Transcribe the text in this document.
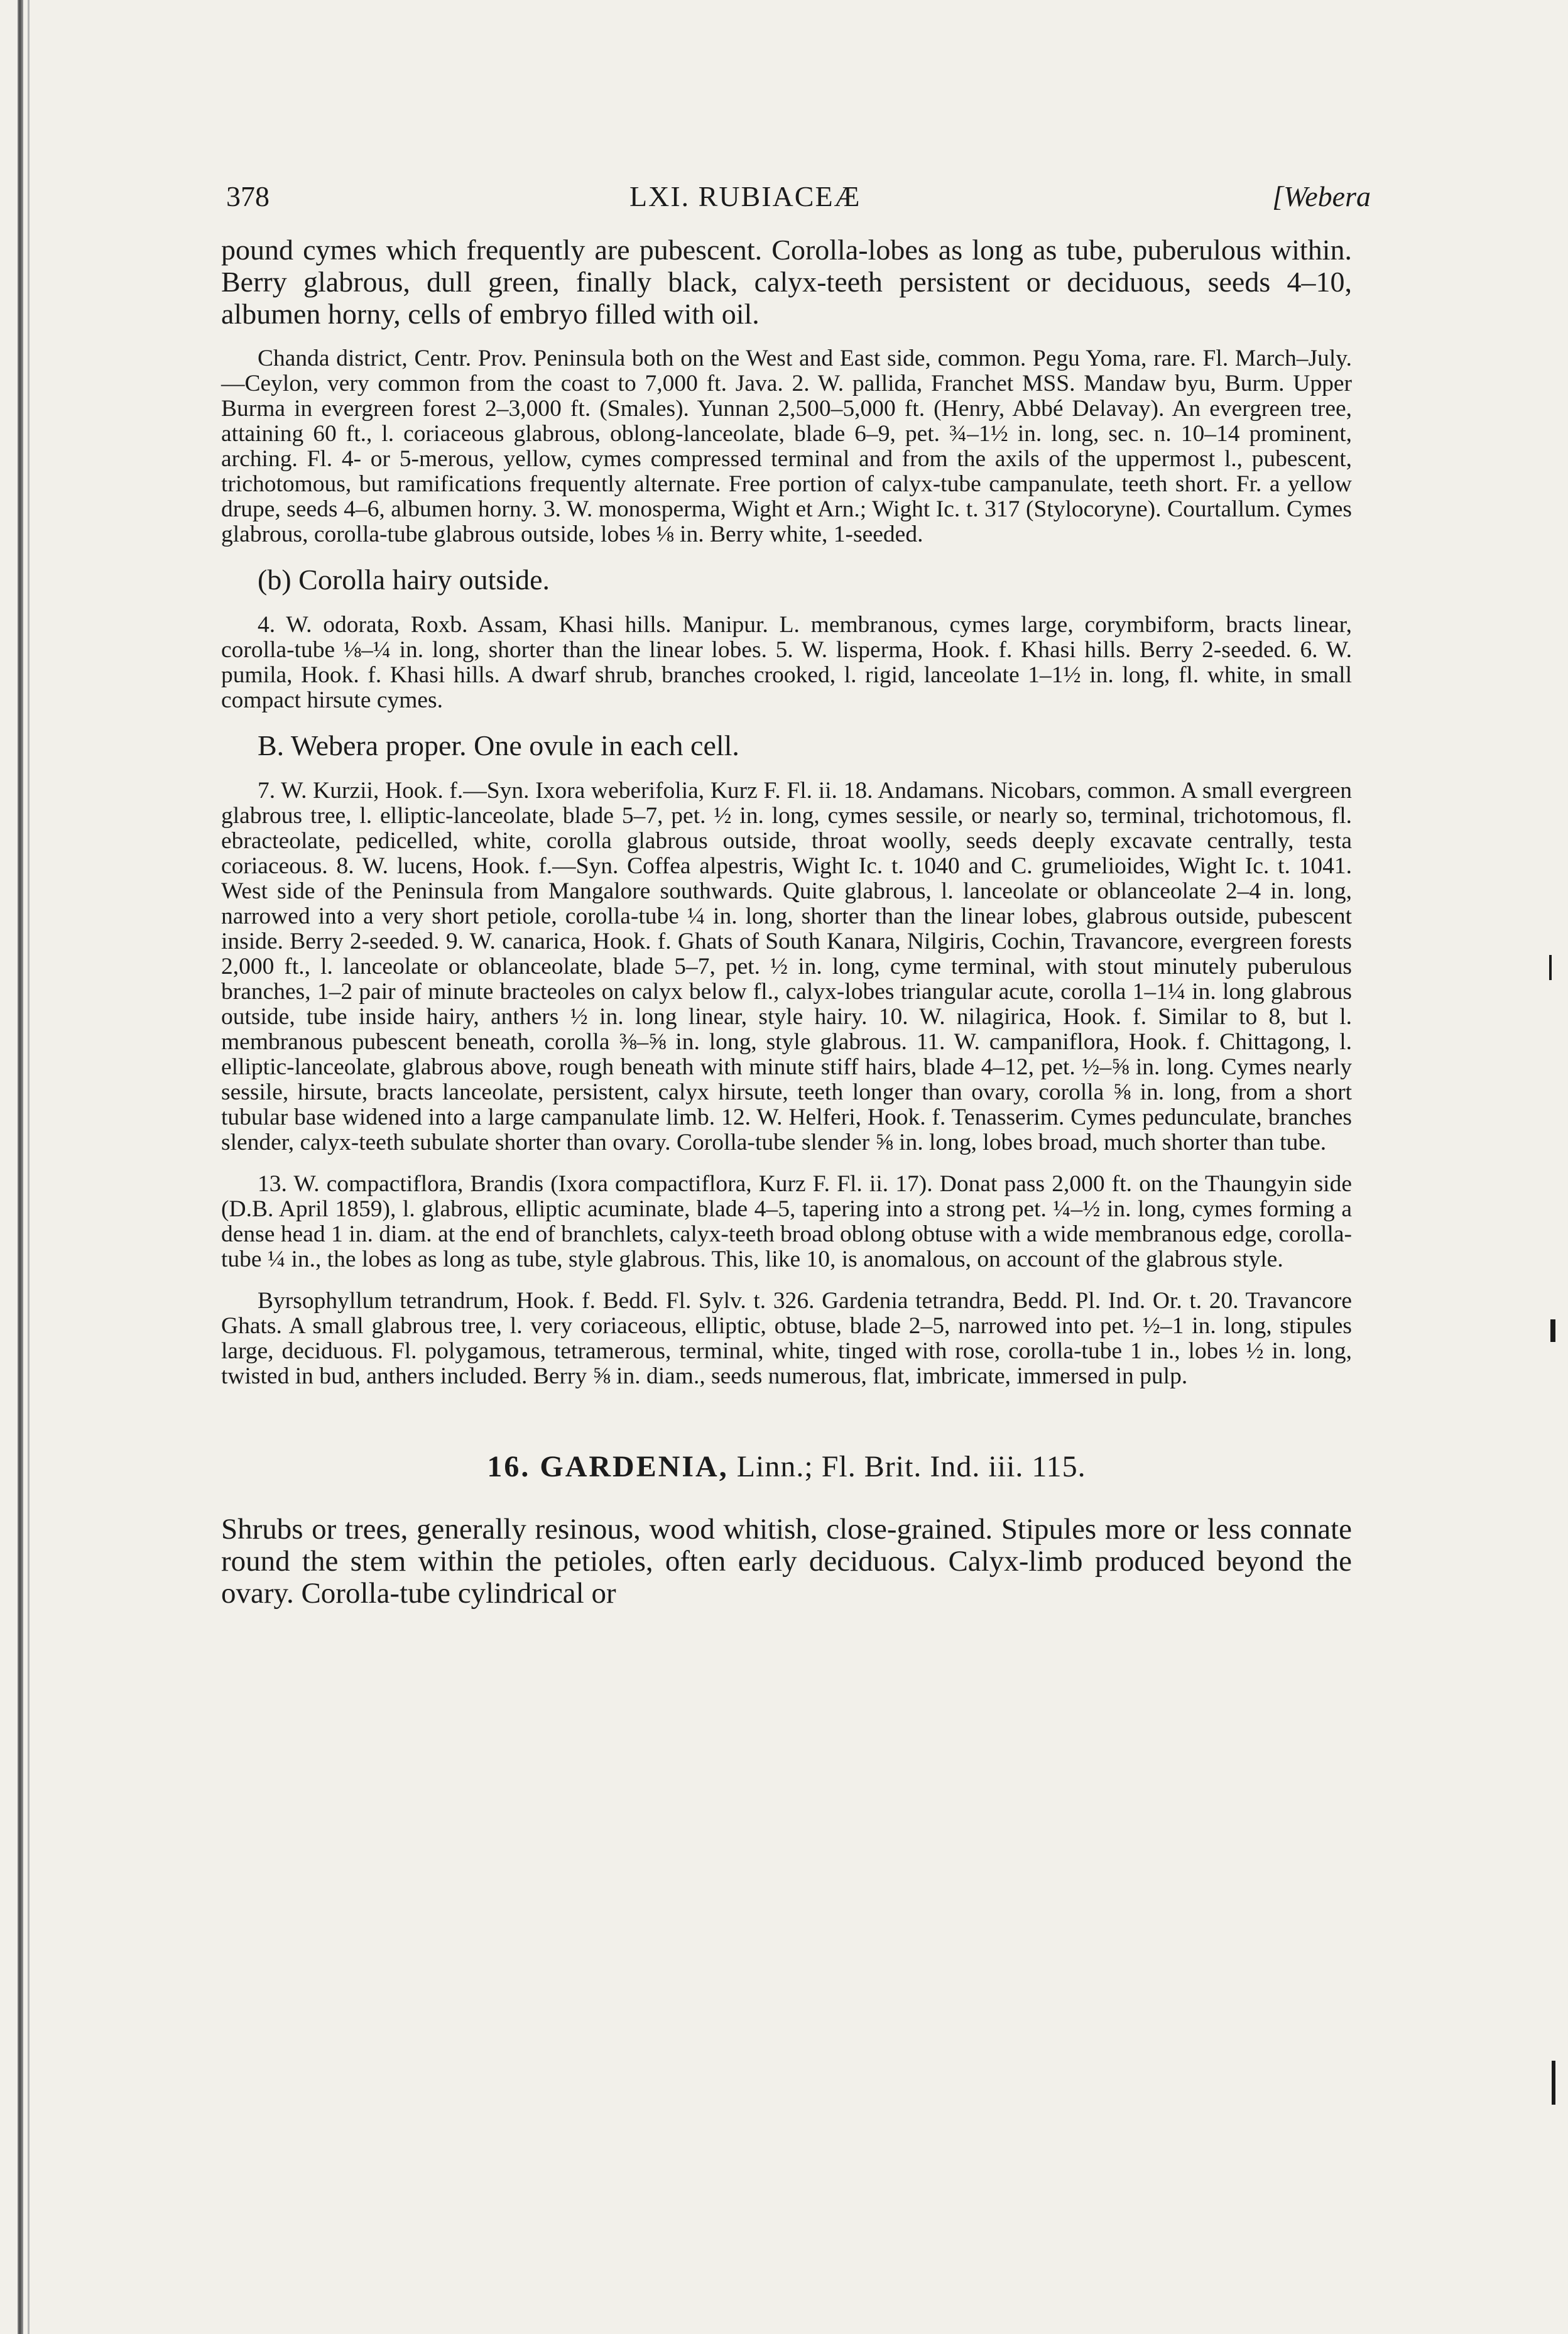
378	LXI. RUBIACEÆ	[Webera

pound cymes which frequently are pubescent. Corolla-lobes as long as tube, puberulous within. Berry glabrous, dull green, finally black, calyx-teeth persistent or deciduous, seeds 4–10, albumen horny, cells of embryo filled with oil.

Chanda district, Centr. Prov. Peninsula both on the West and East side, common. Pegu Yoma, rare. Fl. March–July.—Ceylon, very common from the coast to 7,000 ft. Java. 2. W. pallida, Franchet MSS. Mandaw byu, Burm. Upper Burma in evergreen forest 2–3,000 ft. (Smales). Yunnan 2,500–5,000 ft. (Henry, Abbé Delavay). An evergreen tree, attaining 60 ft., l. coriaceous glabrous, oblong-lanceolate, blade 6–9, pet. ¾–1½ in. long, sec. n. 10–14 prominent, arching. Fl. 4- or 5-merous, yellow, cymes compressed terminal and from the axils of the uppermost l., pubescent, trichotomous, but ramifications frequently alternate. Free portion of calyx-tube campanulate, teeth short. Fr. a yellow drupe, seeds 4–6, albumen horny. 3. W. monosperma, Wight et Arn.; Wight Ic. t. 317 (Stylocoryne). Courtallum. Cymes glabrous, corolla-tube glabrous outside, lobes ⅛ in. Berry white, 1-seeded.

(b) Corolla hairy outside.

4. W. odorata, Roxb. Assam, Khasi hills. Manipur. L. membranous, cymes large, corymbiform, bracts linear, corolla-tube ⅛–¼ in. long, shorter than the linear lobes. 5. W. lisperma, Hook. f. Khasi hills. Berry 2-seeded. 6. W. pumila, Hook. f. Khasi hills. A dwarf shrub, branches crooked, l. rigid, lanceolate 1–1½ in. long, fl. white, in small compact hirsute cymes.

B. Webera proper. One ovule in each cell.

7. W. Kurzii, Hook. f.—Syn. Ixora weberifolia, Kurz F. Fl. ii. 18. Andamans. Nicobars, common. A small evergreen glabrous tree, l. elliptic-lanceolate, blade 5–7, pet. ½ in. long, cymes sessile, or nearly so, terminal, trichotomous, fl. ebracteolate, pedicelled, white, corolla glabrous outside, throat woolly, seeds deeply excavate centrally, testa coriaceous. 8. W. lucens, Hook. f.—Syn. Coffea alpestris, Wight Ic. t. 1040 and C. grumelioides, Wight Ic. t. 1041. West side of the Peninsula from Mangalore southwards. Quite glabrous, l. lanceolate or oblanceolate 2–4 in. long, narrowed into a very short petiole, corolla-tube ¼ in. long, shorter than the linear lobes, glabrous outside, pubescent inside. Berry 2-seeded. 9. W. canarica, Hook. f. Ghats of South Kanara, Nilgiris, Cochin, Travancore, evergreen forests 2,000 ft., l. lanceolate or oblanceolate, blade 5–7, pet. ½ in. long, cyme terminal, with stout minutely puberulous branches, 1–2 pair of minute bracteoles on calyx below fl., calyx-lobes triangular acute, corolla 1–1¼ in. long glabrous outside, tube inside hairy, anthers ½ in. long linear, style hairy. 10. W. nilagirica, Hook. f. Similar to 8, but l. membranous pubescent beneath, corolla ⅜–⅝ in. long, style glabrous. 11. W. campaniflora, Hook. f. Chittagong, l. elliptic-lanceolate, glabrous above, rough beneath with minute stiff hairs, blade 4–12, pet. ½–⅝ in. long. Cymes nearly sessile, hirsute, bracts lanceolate, persistent, calyx hirsute, teeth longer than ovary, corolla ⅝ in. long, from a short tubular base widened into a large campanulate limb. 12. W. Helferi, Hook. f. Tenasserim. Cymes pedunculate, branches slender, calyx-teeth subulate shorter than ovary. Corolla-tube slender ⅝ in. long, lobes broad, much shorter than tube.

13. W. compactiflora, Brandis (Ixora compactiflora, Kurz F. Fl. ii. 17). Donat pass 2,000 ft. on the Thaungyin side (D.B. April 1859), l. glabrous, elliptic acuminate, blade 4–5, tapering into a strong pet. ¼–½ in. long, cymes forming a dense head 1 in. diam. at the end of branchlets, calyx-teeth broad oblong obtuse with a wide membranous edge, corolla-tube ¼ in., the lobes as long as tube, style glabrous. This, like 10, is anomalous, on account of the glabrous style.

Byrsophyllum tetrandrum, Hook. f. Bedd. Fl. Sylv. t. 326. Gardenia tetrandra, Bedd. Pl. Ind. Or. t. 20. Travancore Ghats. A small glabrous tree, l. very coriaceous, elliptic, obtuse, blade 2–5, narrowed into pet. ½–1 in. long, stipules large, deciduous. Fl. polygamous, tetramerous, terminal, white, tinged with rose, corolla-tube 1 in., lobes ½ in. long, twisted in bud, anthers included. Berry ⅝ in. diam., seeds numerous, flat, imbricate, immersed in pulp.

16. GARDENIA, Linn.; Fl. Brit. Ind. iii. 115.

Shrubs or trees, generally resinous, wood whitish, close-grained. Stipules more or less connate round the stem within the petioles, often early deciduous. Calyx-limb produced beyond the ovary. Corolla-tube cylindrical or
